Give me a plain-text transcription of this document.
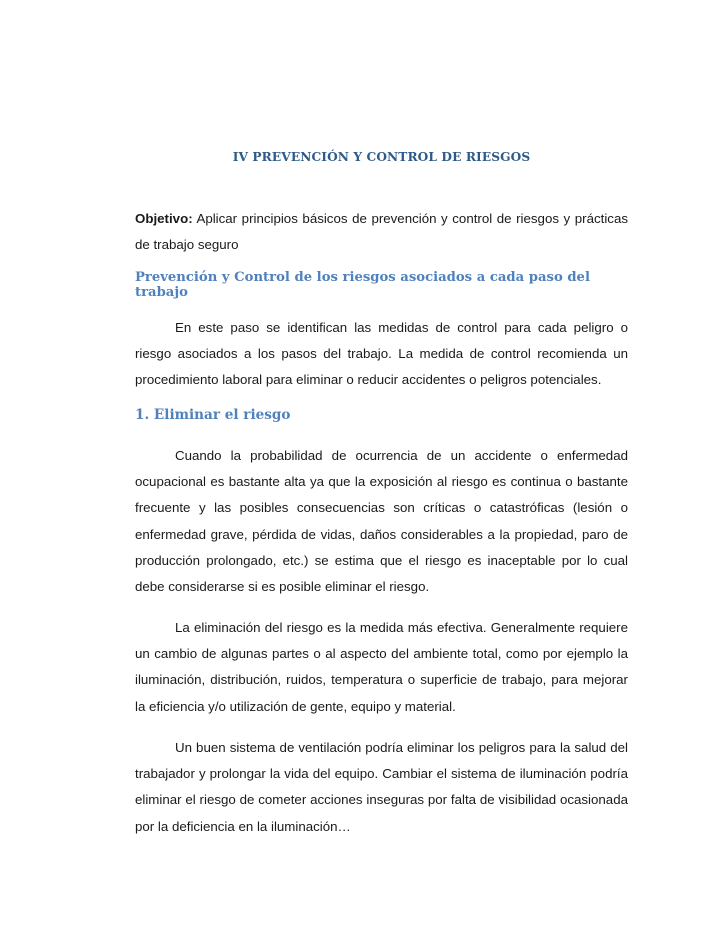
IV PREVENCIÓN Y CONTROL DE RIESGOS
Objetivo: Aplicar principios básicos de prevención y control de riesgos y prácticas de trabajo seguro
Prevención y Control de los riesgos asociados a cada paso del trabajo
En este paso se identifican las medidas de control para cada peligro o riesgo asociados a los pasos del trabajo. La medida de control recomienda un procedimiento laboral para eliminar o reducir accidentes o peligros potenciales.
1. Eliminar el riesgo
Cuando la probabilidad de ocurrencia de un accidente o enfermedad ocupacional es bastante alta ya que la exposición al riesgo es continua o bastante frecuente y las posibles consecuencias son críticas o catastróficas (lesión o enfermedad grave, pérdida de vidas, daños considerables a la propiedad, paro de producción prolongado, etc.) se estima que el riesgo es inaceptable por lo cual debe considerarse si es posible eliminar el riesgo.
La eliminación del riesgo es la medida más efectiva. Generalmente requiere un cambio de algunas partes o al aspecto del ambiente total, como por ejemplo la iluminación, distribución, ruidos, temperatura o superficie de trabajo, para mejorar la eficiencia y/o utilización de gente, equipo y material.
Un buen sistema de ventilación podría eliminar los peligros para la salud del trabajador y prolongar la vida del equipo. Cambiar el sistema de iluminación podría eliminar el riesgo de cometer acciones inseguras por falta de visibilidad ocasionada por la deficiencia en la iluminación…
